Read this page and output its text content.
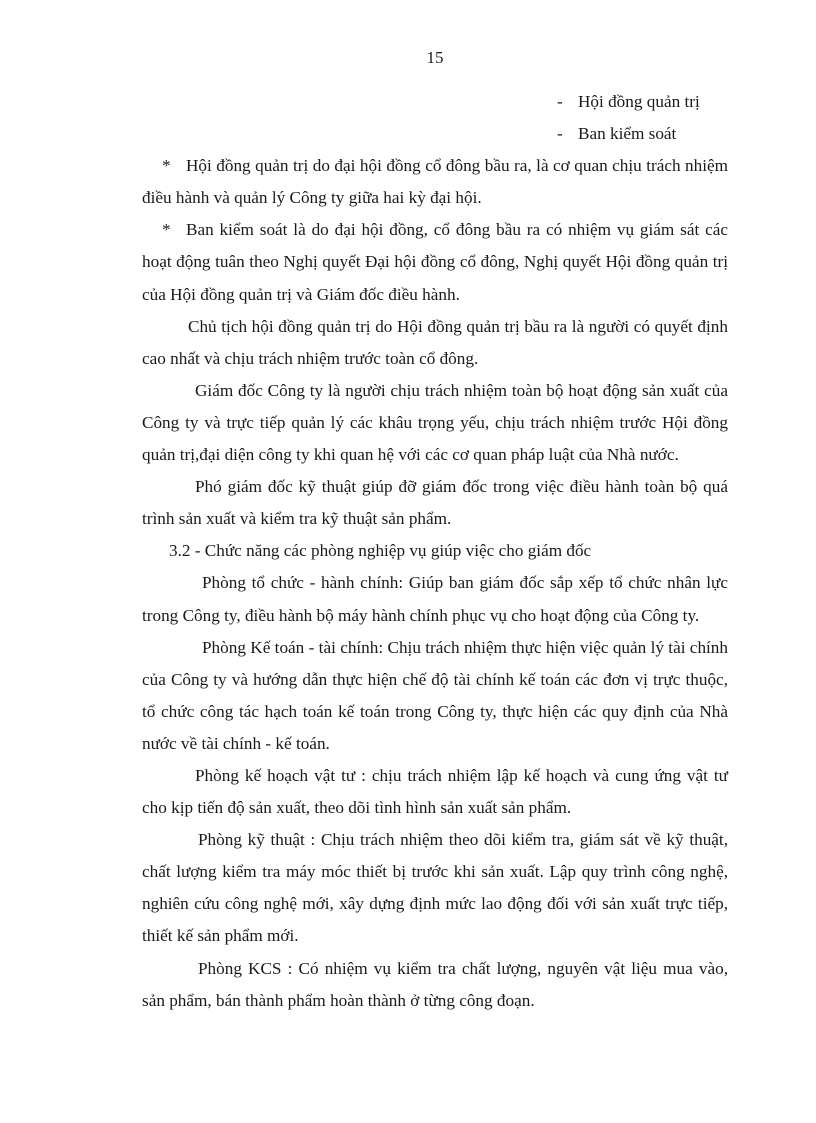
15

- Hội đồng quản trị

- Ban kiểm soát

* Hội đồng quản trị do đại hội đồng cổ đông bầu ra, là cơ quan chịu trách nhiệm điều hành và quản lý Công ty giữa hai kỳ đại hội.

* Ban kiểm soát là do đại hội đồng, cổ đông bầu ra có nhiệm vụ giám sát các hoạt động tuân theo Nghị quyết Đại hội đồng cổ đông, Nghị quyết Hội đồng quản trị của Hội đồng quản trị và Giám đốc điều hành.

Chủ tịch hội đồng quản trị do Hội đồng quản trị bầu ra là người có quyết định cao nhất và chịu trách nhiệm trước toàn cổ đông.

Giám đốc Công ty là người chịu trách nhiệm toàn bộ hoạt động sản xuất của Công ty và trực tiếp quản lý các khâu trọng yếu, chịu trách nhiệm trước Hội đồng quản trị,đại diện công ty khi quan hệ với các cơ quan pháp luật của Nhà nước.

Phó giám đốc kỹ thuật giúp đỡ giám đốc trong việc điều hành toàn bộ quá trình sản xuất và kiểm tra kỹ thuật sản phẩm.

3.2 - Chức năng các phòng nghiệp vụ giúp việc cho giám đốc

Phòng tổ chức - hành chính: Giúp ban giám đốc sắp xếp tổ chức nhân lực trong Công ty, điều hành bộ máy hành chính phục vụ cho hoạt động của Công ty.

Phòng Kế toán - tài chính: Chịu trách nhiệm thực hiện việc quản lý tài chính của Công ty và hướng dẫn thực hiện chế độ tài chính kế toán các đơn vị trực thuộc, tổ chức công tác hạch toán kế toán trong Công ty, thực hiện các quy định của Nhà nước về tài chính - kế toán.

Phòng kế hoạch vật tư : chịu trách nhiệm lập kế hoạch và cung ứng vật tư cho kịp tiến độ sản xuất, theo dõi tình hình sản xuất sản phẩm.

Phòng kỹ thuật : Chịu trách nhiệm theo dõi kiểm tra, giám sát về kỹ thuật, chất lượng kiểm tra máy móc thiết bị trước khi sản xuất. Lập quy trình công nghệ, nghiên cứu công nghệ mới, xây dựng định mức lao động đối với sản xuất trực tiếp, thiết kế sản phẩm mới.

Phòng KCS : Có nhiệm vụ kiểm tra chất lượng, nguyên vật liệu mua vào, sản phẩm, bán thành phẩm hoàn thành ở từng công đoạn.
